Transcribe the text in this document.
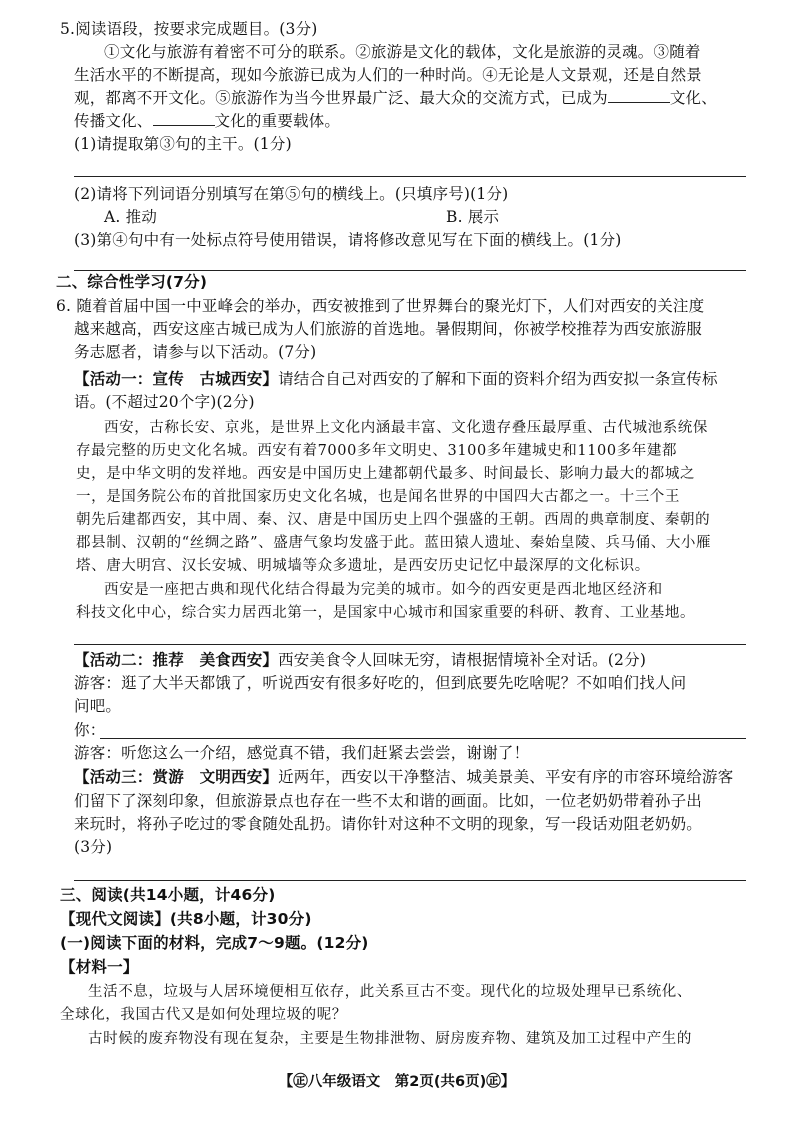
5.阅读语段，按要求完成题目。(3分)
①文化与旅游有着密不可分的联系。②旅游是文化的载体，文化是旅游的灵魂。③随着
生活水平的不断提高，现如今旅游已成为人们的一种时尚。④无论是人文景观，还是自然景
观，都离不开文化。⑤旅游作为当今世界最广泛、最大众的交流方式，已成为	文化、
传播文化、	文化的重要载体。
(1)请提取第③句的主干。(1分)
(2)请将下列词语分别填写在第⑤句的横线上。(只填序号)(1分)
A. 推动	B. 展示
(3)第④句中有一处标点符号使用错误，请将修改意见写在下面的横线上。(1分)
二、综合性学习(7分)
6. 随着首届中国一中亚峰会的举办，西安被推到了世界舞台的聚光灯下，人们对西安的关注度
越来越高，西安这座古城已成为人们旅游的首选地。暑假期间，你被学校推荐为西安旅游服
务志愿者，请参与以下活动。(7分)
【活动一：宣传　古城西安】请结合自己对西安的了解和下面的资料介绍为西安拟一条宣传标
语。(不超过20个字)(2分)
西安，古称长安、京兆，是世界上文化内涵最丰富、文化遗存叠压最厚重、古代城池系统保
存最完整的历史文化名城。西安有着7000多年文明史、3100多年建城史和1100多年建都
史，是中华文明的发祥地。西安是中国历史上建都朝代最多、时间最长、影响力最大的都城之
一，是国务院公布的首批国家历史文化名城，也是闻名世界的中国四大古都之一。十三个王
朝先后建都西安，其中周、秦、汉、唐是中国历史上四个强盛的王朝。西周的典章制度、秦朝的
郡县制、汉朝的“丝绸之路”、盛唐气象均发盛于此。蓝田猿人遗址、秦始皇陵、兵马俑、大小雁
塔、唐大明宫、汉长安城、明城墙等众多遗址，是西安历史记忆中最深厚的文化标识。
西安是一座把古典和现代化结合得最为完美的城市。如今的西安更是西北地区经济和
科技文化中心，综合实力居西北第一，是国家中心城市和国家重要的科研、教育、工业基地。
【活动二：推荐　美食西安】西安美食令人回味无穷，请根据情境补全对话。(2分)
游客：逛了大半天都饿了，听说西安有很多好吃的，但到底要先吃啥呢？不如咱们找人问
问吧。
你：
游客：听您这么一介绍，感觉真不错，我们赶紧去尝尝，谢谢了！
【活动三：赏游　文明西安】近两年，西安以干净整洁、城美景美、平安有序的市容环境给游客
们留下了深刻印象，但旅游景点也存在一些不太和谐的画面。比如，一位老奶奶带着孙子出
来玩时，将孙子吃过的零食随处乱扔。请你针对这种不文明的现象，写一段话劝阻老奶奶。
(3分)
三、阅读(共14小题，计46分)
【现代文阅读】(共8小题，计30分)
(一)阅读下面的材料，完成7～9题。(12分)
【材料一】
生活不息，垃圾与人居环境便相互依存，此关系亘古不变。现代化的垃圾处理早已系统化、
全球化，我国古代又是如何处理垃圾的呢？
古时候的废弃物没有现在复杂，主要是生物排泄物、厨房废弃物、建筑及加工过程中产生的
【㊣八年级语文　第2页(共6页)㊣】
